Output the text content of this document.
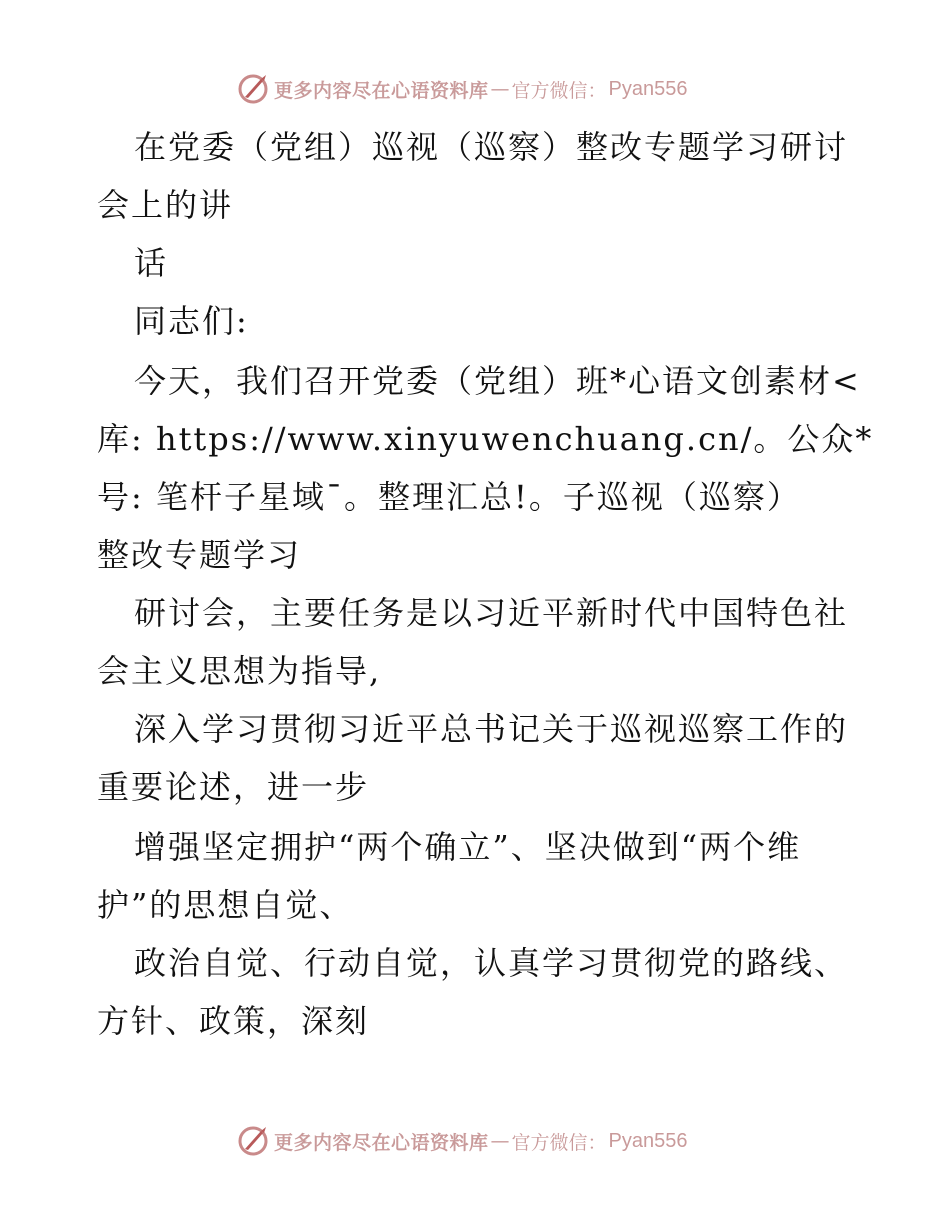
更多内容尽在心语资料库 — 官方微信： Pyan556
在党委（党组）巡视（巡察）整改专题学习研讨
会上的讲
话
同志们:
今天，我们召开党委（党组）班*心语文创素材<
库: https://www.xinyuwenchuang.cn/。公众*
号: 笔杆子星域¯。整理汇总!。子巡视（巡察）
整改专题学习
研讨会，主要任务是以习近平新时代中国特色社
会主义思想为指导,
深入学习贯彻习近平总书记关于巡视巡察工作的
重要论述，进一步
增强坚定拥护“两个确立”、坚决做到“两个维
护”的思想自觉、
政治自觉、行动自觉，认真学习贯彻党的路线、
方针、政策，深刻
更多内容尽在心语资料库 — 官方微信： Pyan556
